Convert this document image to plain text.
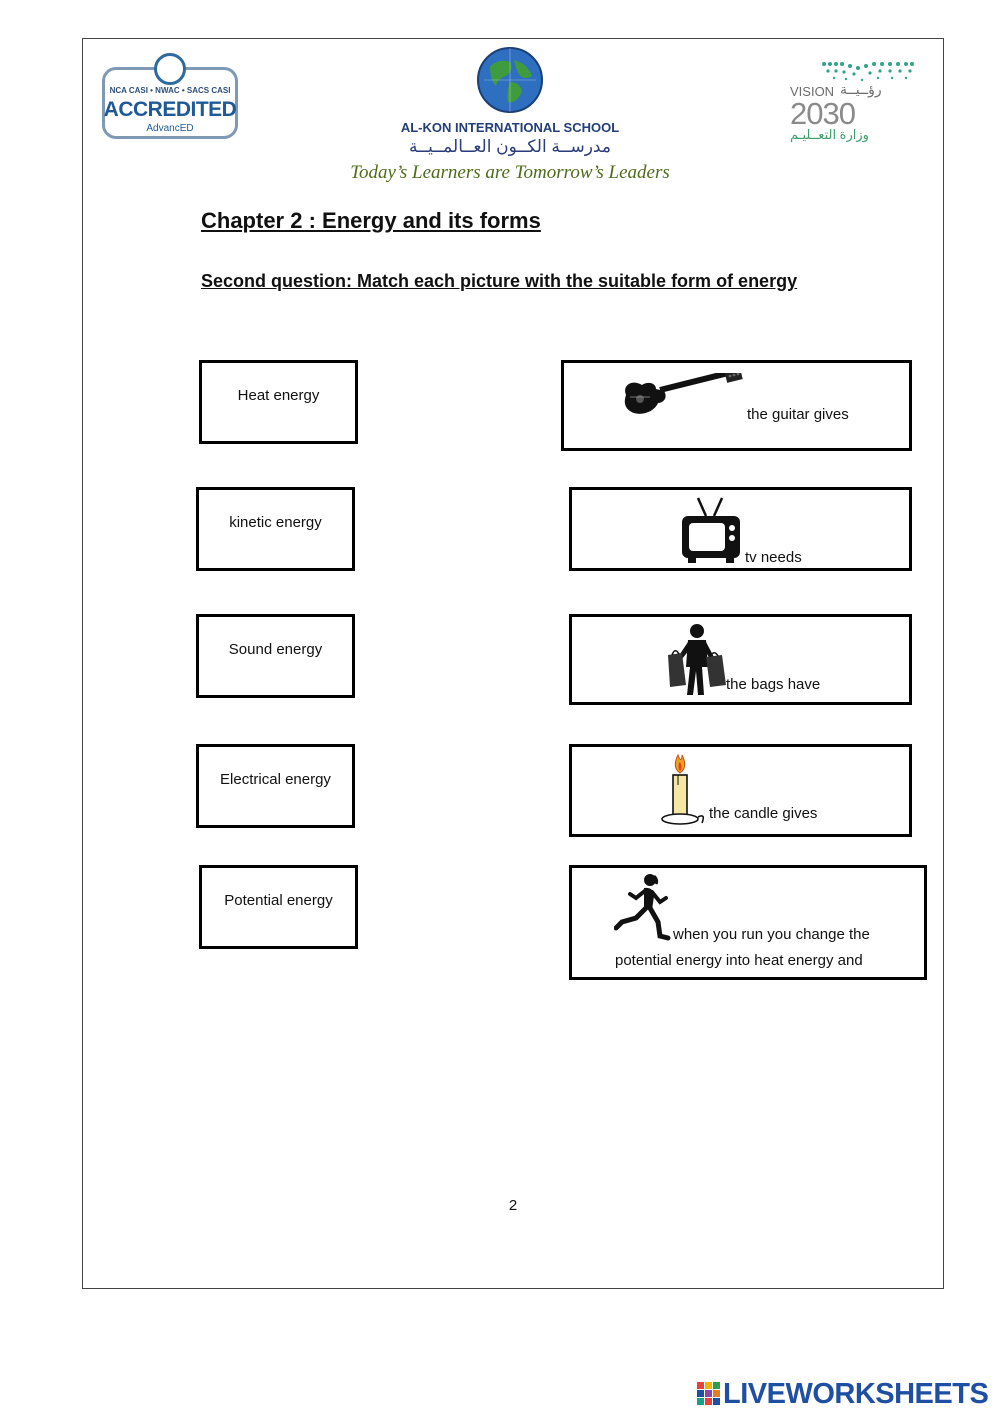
NCA CASI • NWAC • SACS CASI
ACCREDITED
AdvancED	AL-KON INTERNATIONAL SCHOOL
مدرســة الكــون العــالمــيــة
Today’s Learners are Tomorrow’s Leaders
VISION رؤــيــة
2030
وزارة التعــليـم
Chapter 2 : Energy and its forms
Second question: Match each picture with the suitable form of energy
Heat energy
kinetic energy
Sound energy
Electrical energy
Potential energy
the guitar gives
tv needs
the bags have
the candle gives
when you run you change the
potential energy into heat energy and
2
LIVEWORKSHEETS
